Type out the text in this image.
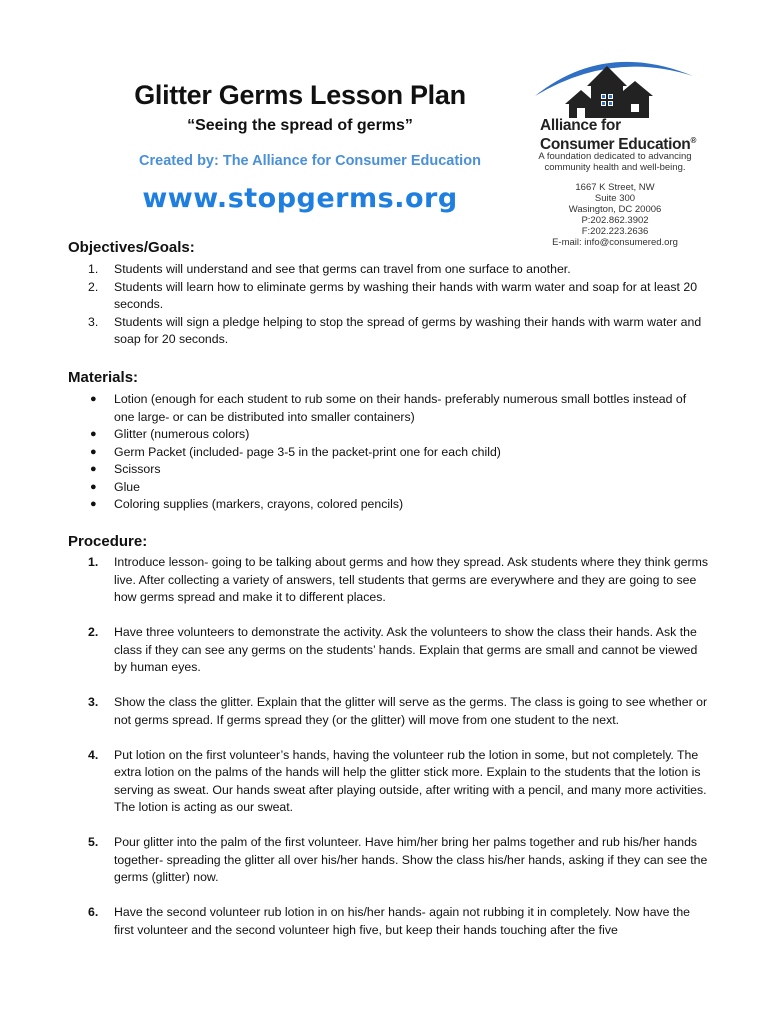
Glitter Germs Lesson Plan
“Seeing the spread of germs”
Created by: The Alliance for Consumer Education
www.stopgerms.org
Alliance for
Consumer Education®
A foundation dedicated to advancing
community health and well-being.
1667 K Street, NW
Suite 300
Wasington, DC 20006
P:202.862.3902
F:202.223.2636
E-mail: info@consumered.org
Objectives/Goals:
1.	Students will understand and see that germs can travel from one surface to another.
2.	Students will learn how to eliminate germs by washing their hands with warm water and soap for at least 20 seconds.
3.	Students will sign a pledge helping to stop the spread of germs by washing their hands with warm water and soap for 20 seconds.
Materials:
●	Lotion (enough for each student to rub some on their hands- preferably numerous small bottles instead of one large- or can be distributed into smaller containers)
●	Glitter (numerous colors)
●	Germ Packet (included- page 3-5 in the packet-print one for each child)
●	Scissors
●	Glue
●	Coloring supplies (markers, crayons, colored pencils)
Procedure:
1.	Introduce lesson- going to be talking about germs and how they spread. Ask students where they think germs live. After collecting a variety of answers, tell students that germs are everywhere and they are going to see how germs spread and make it to different places.
2.	Have three volunteers to demonstrate the activity. Ask the volunteers to show the class their hands. Ask the class if they can see any germs on the students’ hands. Explain that germs are small and cannot be viewed by human eyes.
3.	Show the class the glitter. Explain that the glitter will serve as the germs. The class is going to see whether or not germs spread. If germs spread they (or the glitter) will move from one student to the next.
4.	Put lotion on the first volunteer’s hands, having the volunteer rub the lotion in some, but not completely. The extra lotion on the palms of the hands will help the glitter stick more. Explain to the students that the lotion is serving as sweat. Our hands sweat after playing outside, after writing with a pencil, and many more activities. The lotion is acting as our sweat.
5.	Pour glitter into the palm of the first volunteer. Have him/her bring her palms together and rub his/her hands together- spreading the glitter all over his/her hands. Show the class his/her hands, asking if they can see the germs (glitter) now.
6.	Have the second volunteer rub lotion in on his/her hands- again not rubbing it in completely. Now have the first volunteer and the second volunteer high five, but keep their hands touching after the five
